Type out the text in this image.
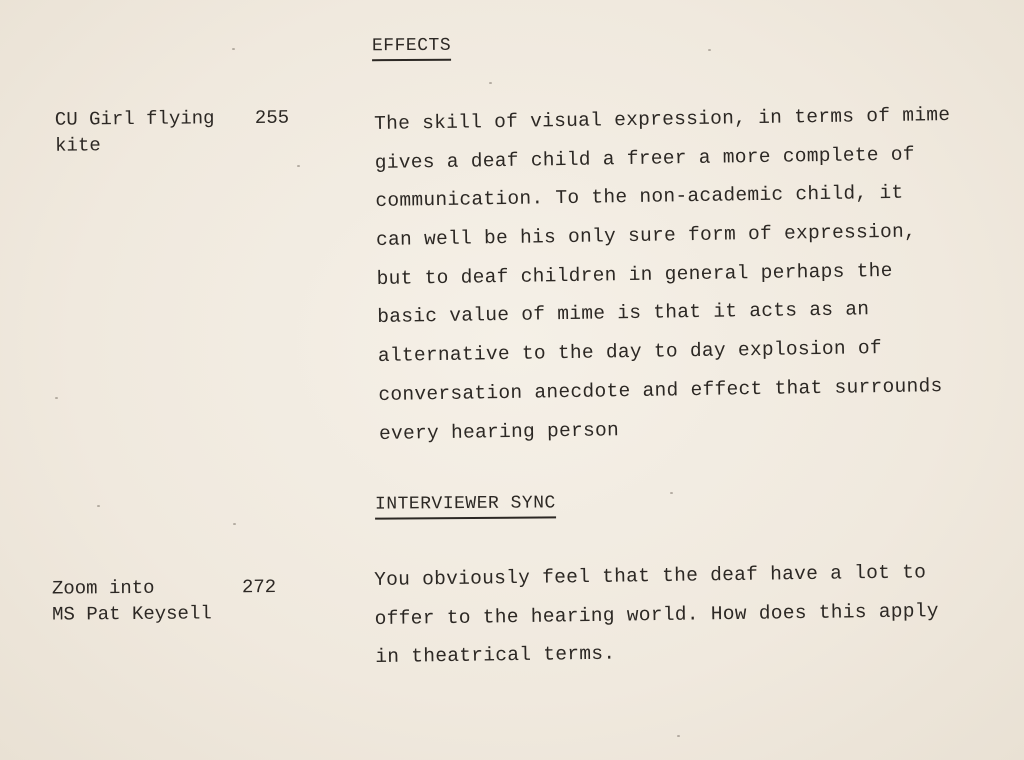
EFFECTS
CU Girl flying
kite
255	The skill of visual expression, in terms of mime
gives a deaf child a freer a more complete of
communication. To the non-academic child, it
can well be his only sure form of expression,
but to deaf children in general perhaps the
basic value of mime is that it acts as an
alternative to the day to day explosion of
conversation anecdote and effect that surrounds
every hearing person
INTERVIEWER SYNC
Zoom into
MS Pat Keysell
272	You obviously feel that the deaf have a lot to
offer to the hearing world. How does this apply
in theatrical terms.
